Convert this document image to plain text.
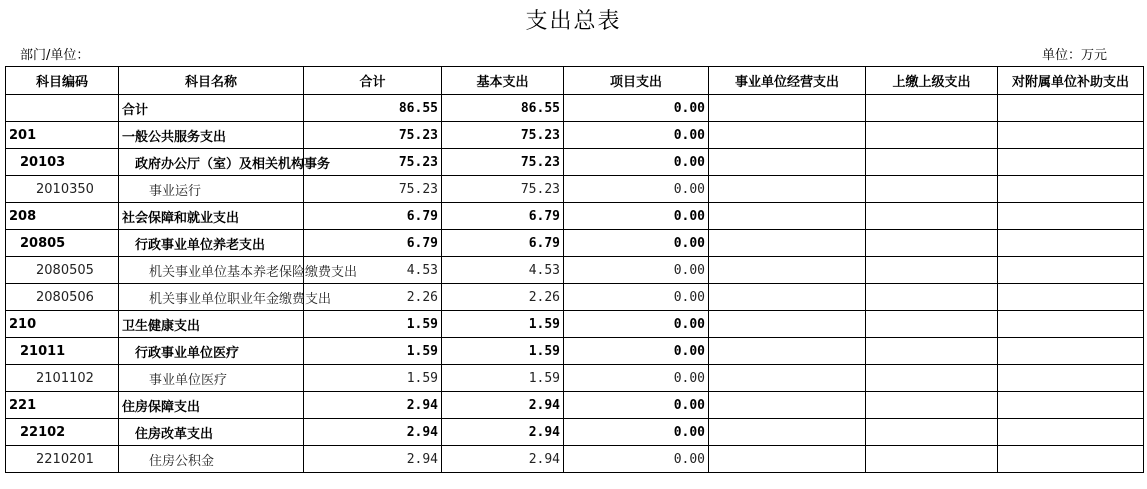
支出总表
部门/单位：	单位：万元
科目编码	科目名称	合计	基本支出	项目支出	事业单位经营支出	上缴上级支出	对附属单位补助支出
	合计	86.55	86.55	0.00			
201	一般公共服务支出	75.23	75.23	0.00			
20103	政府办公厅（室）及相关机构事务	75.23	75.23	0.00			
2010350	事业运行	75.23	75.23	0.00			
208	社会保障和就业支出	6.79	6.79	0.00			
20805	行政事业单位养老支出	6.79	6.79	0.00			
2080505	机关事业单位基本养老保险缴费支出	4.53	4.53	0.00			
2080506	机关事业单位职业年金缴费支出	2.26	2.26	0.00			
210	卫生健康支出	1.59	1.59	0.00			
21011	行政事业单位医疗	1.59	1.59	0.00			
2101102	事业单位医疗	1.59	1.59	0.00			
221	住房保障支出	2.94	2.94	0.00			
22102	住房改革支出	2.94	2.94	0.00			
2210201	住房公积金	2.94	2.94	0.00			
